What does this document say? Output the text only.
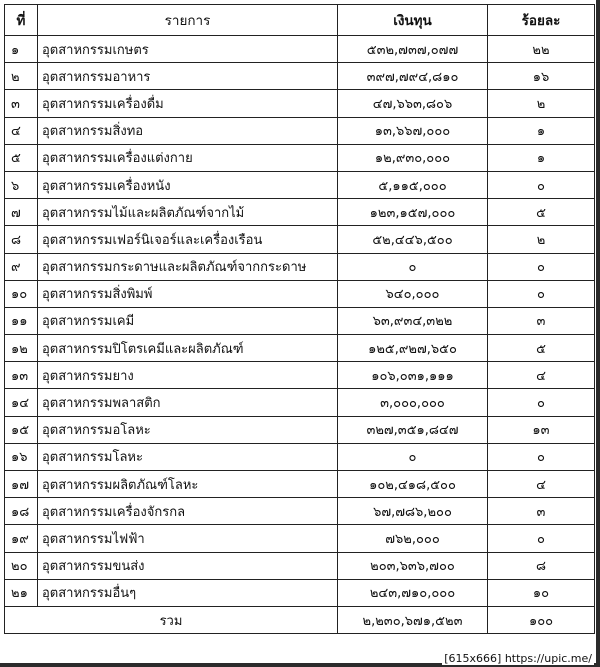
ที่	รายการ	เงินทุน	ร้อยละ
๑	อุตสาหกรรมเกษตร	๕๓๒,๗๓๗,๐๗๗	๒๒
๒	อุตสาหกรรมอาหาร	๓๙๗,๗๙๔,๘๑๐	๑๖
๓	อุตสาหกรรมเครื่องดื่ม	๔๗,๖๖๓,๘๐๖	๒
๔	อุตสาหกรรมสิ่งทอ	๑๓,๖๖๗,๐๐๐	๑
๕	อุตสาหกรรมเครื่องแต่งกาย	๑๒,๙๓๐,๐๐๐	๑
๖	อุตสาหกรรมเครื่องหนัง	๕,๑๑๕,๐๐๐	๐
๗	อุตสาหกรรมไม้และผลิตภัณฑ์จากไม้	๑๒๓,๑๕๗,๐๐๐	๕
๘	อุตสาหกรรมเฟอร์นิเจอร์และเครื่องเรือน	๕๒,๔๔๖,๕๐๐	๒
๙	อุตสาหกรรมกระดาษและผลิตภัณฑ์จากกระดาษ	๐	๐
๑๐	อุตสาหกรรมสิ่งพิมพ์	๖๔๐,๐๐๐	๐
๑๑	อุตสาหกรรมเคมี	๖๓,๙๓๔,๓๒๒	๓
๑๒	อุตสาหกรรมปิโตรเคมีและผลิตภัณฑ์	๑๒๕,๙๒๗,๖๕๐	๕
๑๓	อุตสาหกรรมยาง	๑๐๖,๐๓๑,๑๑๑	๔
๑๔	อุตสาหกรรมพลาสติก	๓,๐๐๐,๐๐๐	๐
๑๕	อุตสาหกรรมอโลหะ	๓๒๗,๓๕๑,๘๔๗	๑๓
๑๖	อุตสาหกรรมโลหะ	๐	๐
๑๗	อุตสาหกรรมผลิตภัณฑ์โลหะ	๑๐๒,๔๑๘,๕๐๐	๔
๑๘	อุตสาหกรรมเครื่องจักรกล	๖๗,๗๘๖,๒๐๐	๓
๑๙	อุตสาหกรรมไฟฟ้า	๗๖๒,๐๐๐	๐
๒๐	อุตสาหกรรมขนส่ง	๒๐๓,๖๓๖,๗๐๐	๘
๒๑	อุตสาหกรรมอื่นๆ	๒๔๓,๗๑๐,๐๐๐	๑๐
รวม		๒,๒๓๐,๖๗๑,๕๒๓	๑๐๐
[615x666] https://upic.me/
